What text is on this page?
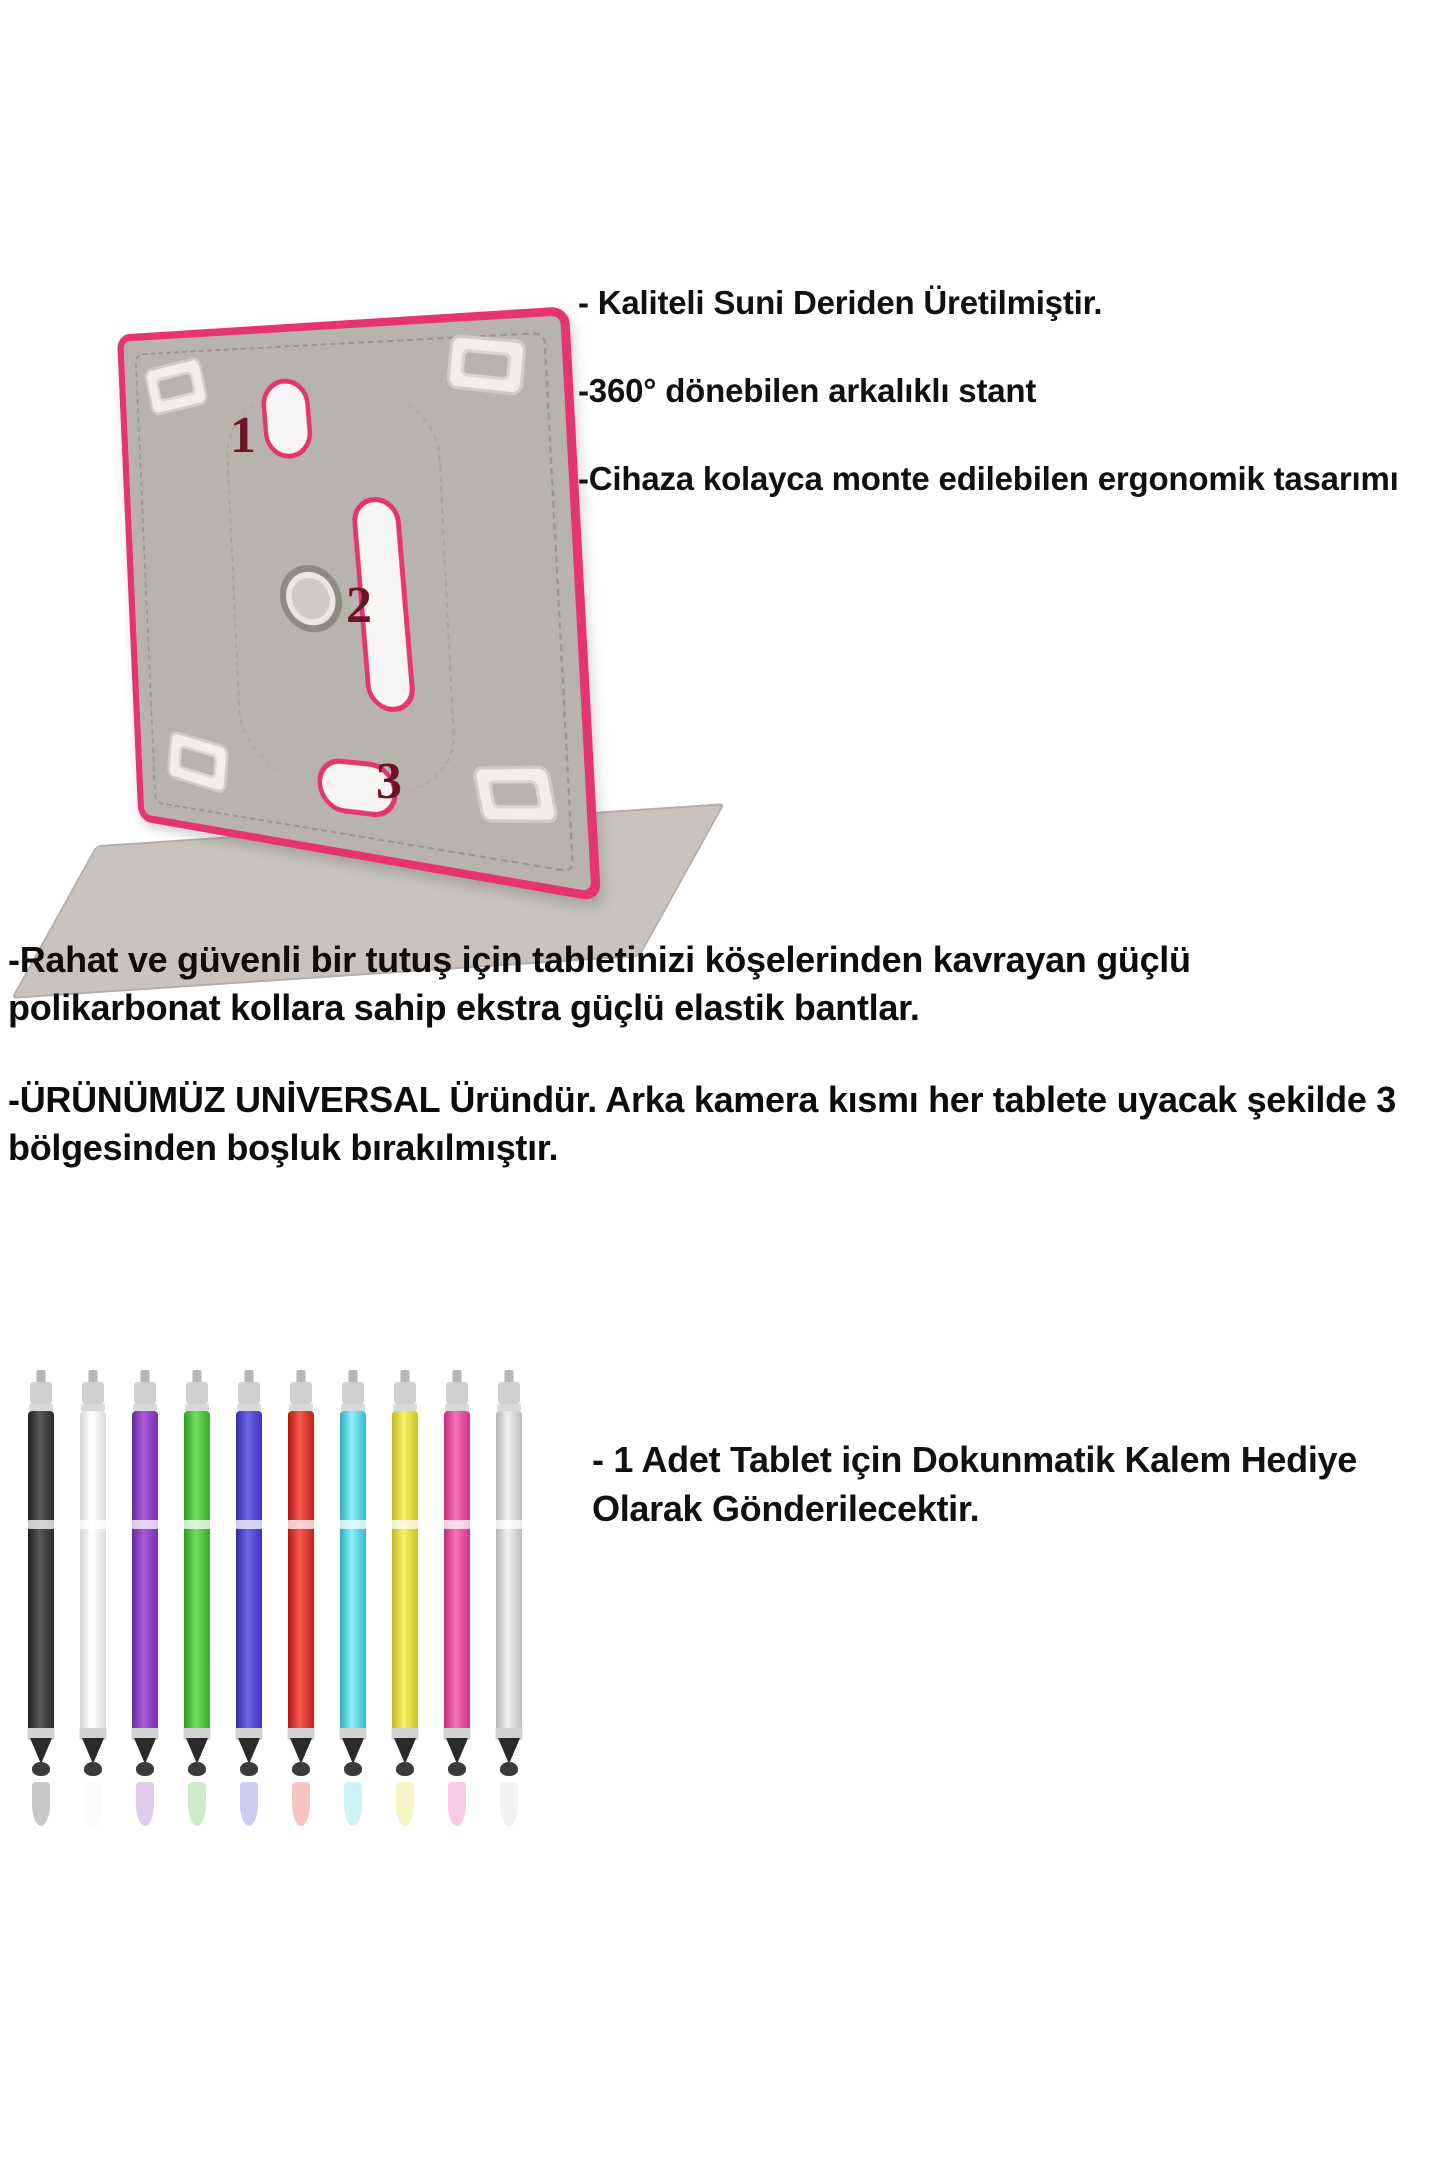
1
2
3
- Kaliteli Suni Deriden Üretilmiştir.
-360° dönebilen arkalıklı stant
-Cihaza kolayca monte edilebilen ergonomik tasarımı

-Rahat ve güvenli bir tutuş için tabletinizi köşelerinden kavrayan güçlü polikarbonat kollara sahip ekstra güçlü elastik bantlar.

-ÜRÜNÜMÜZ UNİVERSAL Üründür. Arka kamera kısmı her tablete uyacak şekilde 3 bölgesinden boşluk bırakılmıştır.

- 1 Adet Tablet için Dokunmatik Kalem Hediye Olarak Gönderilecektir.
